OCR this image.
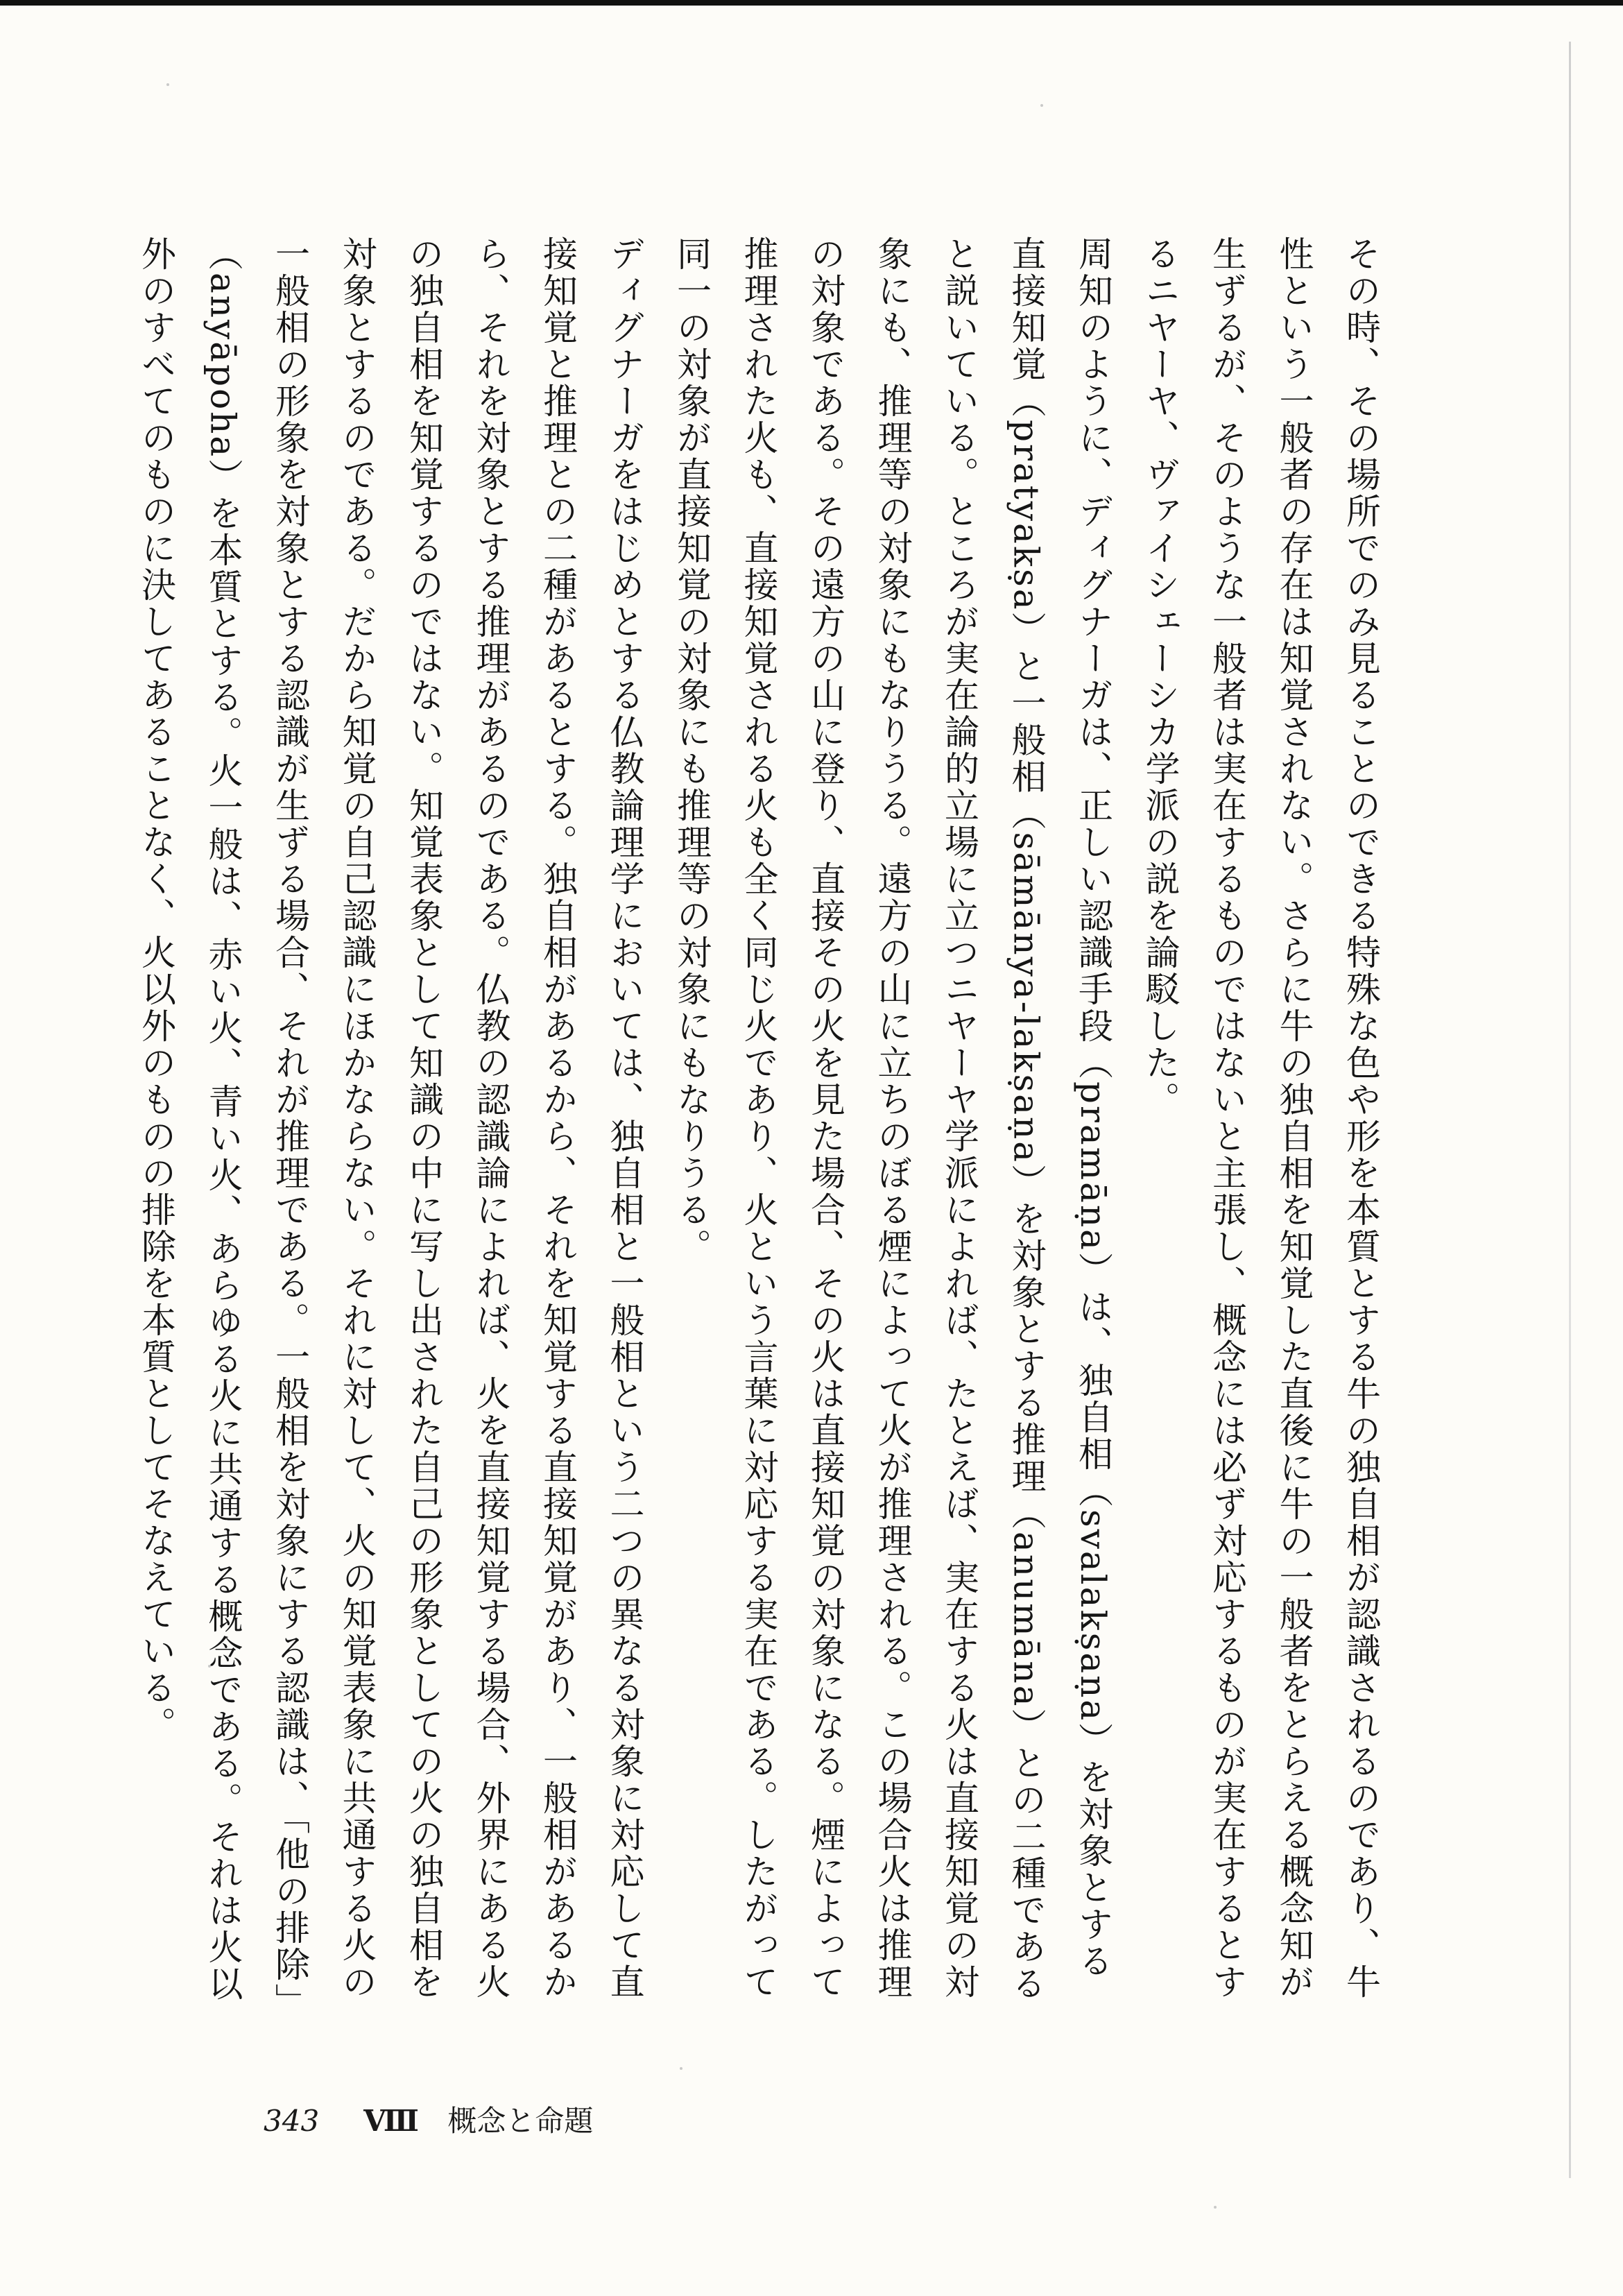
その時、その場所でのみ見ることのできる特殊な色や形を本質とする牛の独自相が認識されるのであり、牛性という一般者の存在は知覚されない。さらに牛の独自相を知覚した直後に牛の一般者をとらえる概念知が生ずるが、そのような一般者は実在するものではないと主張し、概念には必ず対応するものが実在するとするニヤーヤ、ヴァイシェーシカ学派の説を論駁した。

周知のように、ディグナーガは、正しい認識手段（pramāṇa）は、独自相（svalakṣaṇa）を対象とする直接知覚（pratyakṣa）と一般相（sāmānya-lakṣaṇa）を対象とする推理（anumāna）との二種であると説いている。ところが実在論的立場に立つニヤーヤ学派によれば、たとえば、実在する火は直接知覚の対象にも、推理等の対象にもなりうる。遠方の山に立ちのぼる煙によって火が推理される。この場合火は推理の対象である。その遠方の山に登り、直接その火を見た場合、その火は直接知覚の対象になる。煙によって推理された火も、直接知覚される火も全く同じ火であり、火という言葉に対応する実在である。したがって同一の対象が直接知覚の対象にも推理等の対象にもなりうる。

ディグナーガをはじめとする仏教論理学においては、独自相と一般相という二つの異なる対象に対応して直接知覚と推理との二種があるとする。独自相があるから、それを知覚する直接知覚があり、一般相があるから、それを対象とする推理があるのである。仏教の認識論によれば、火を直接知覚する場合、外界にある火の独自相を知覚するのではない。知覚表象として知識の中に写し出された自己の形象としての火の独自相を対象とするのである。だから知覚の自己認識にほかならない。それに対して、火の知覚表象に共通する火の一般相の形象を対象とする認識が生ずる場合、それが推理である。一般相を対象にする認識は、「他の排除」（anyāpoha）を本質とする。火一般は、赤い火、青い火、あらゆる火に共通する概念である。それは火以外のすべてのものに決してあることなく、火以外のものの排除を本質としてそなえている。

343 Ⅷ 概念と命題
